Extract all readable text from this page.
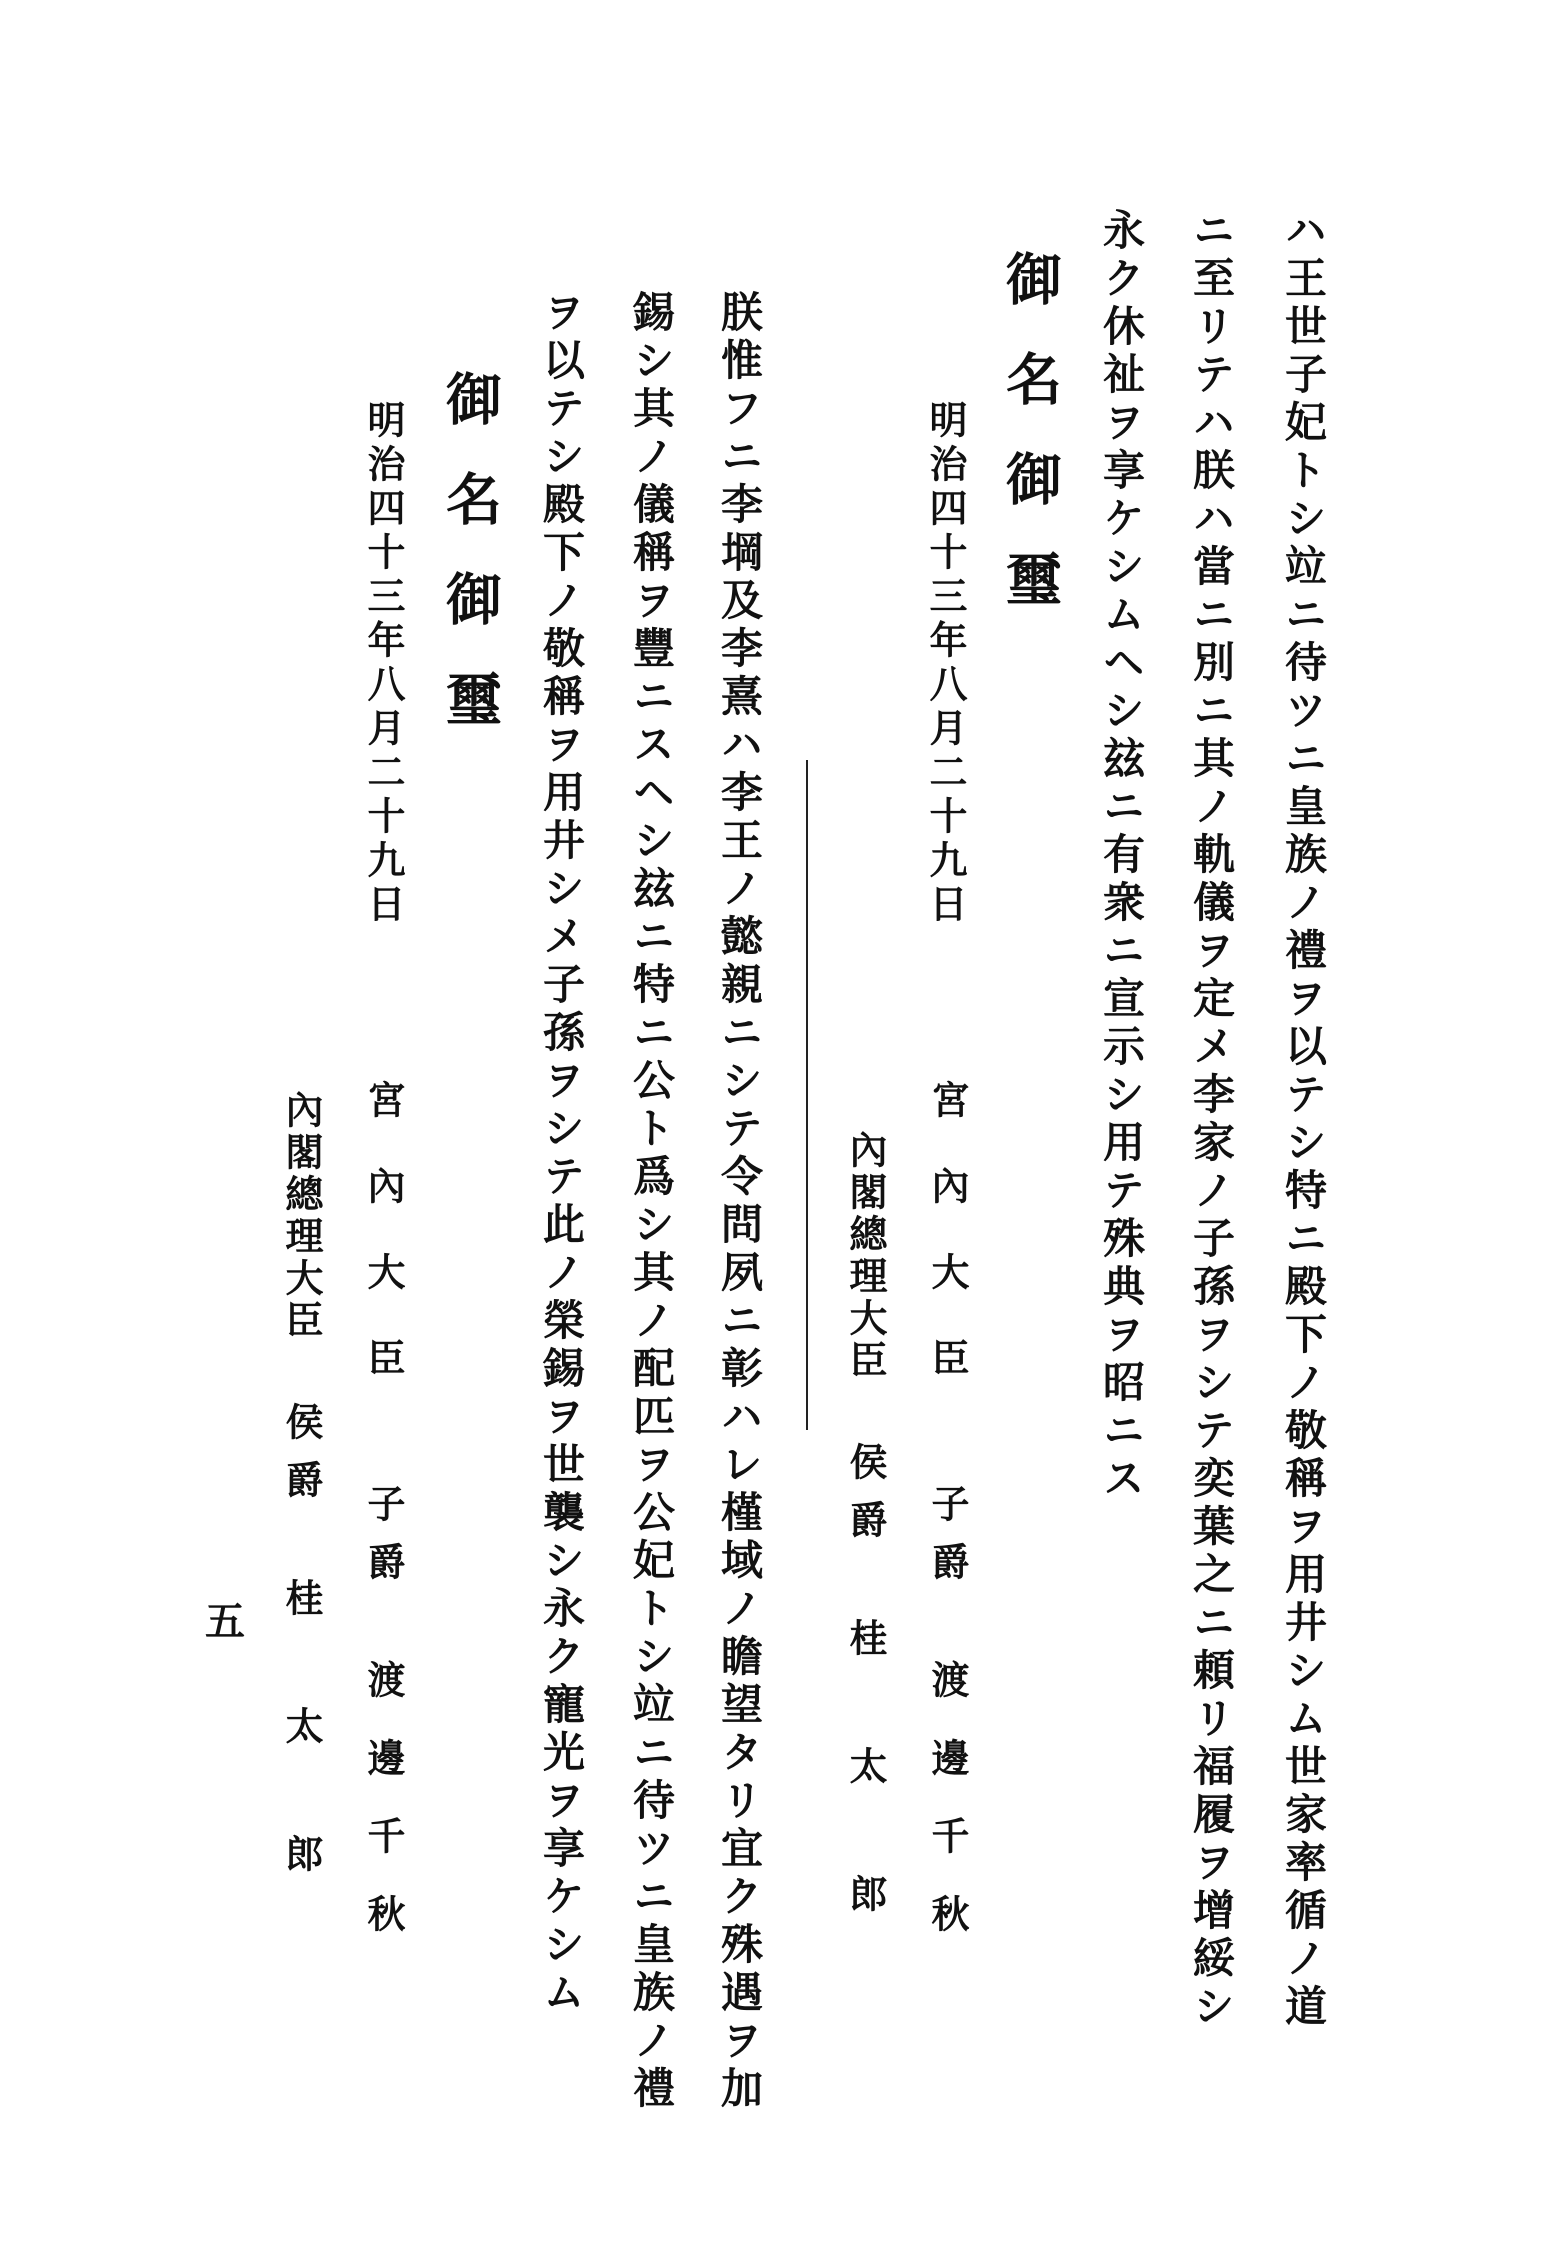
ハ王世子妃トシ竝ニ待ツニ皇族ノ禮ヲ以テシ特ニ殿下ノ敬稱ヲ用井シム世家率循ノ道
ニ至リテハ朕ハ當ニ別ニ其ノ軌儀ヲ定メ李家ノ子孫ヲシテ奕葉之ニ頼リ福履ヲ增綏シ
永ク休祉ヲ享ケシムヘシ玆ニ有衆ニ宣示シ用テ殊典ヲ昭ニス
御名御璽
明治四十三年八月二十九日
宮內大臣子爵渡邊千秋
內閣總理大臣侯爵桂太郎
朕惟フニ李堈及李熹ハ李王ノ懿親ニシテ令問夙ニ彰ハレ槿域ノ瞻望タリ宜ク殊遇ヲ加
錫シ其ノ儀稱ヲ豐ニスヘシ玆ニ特ニ公ト爲シ其ノ配匹ヲ公妃トシ竝ニ待ツニ皇族ノ禮
ヲ以テシ殿下ノ敬稱ヲ用井シメ子孫ヲシテ此ノ榮錫ヲ世襲シ永ク寵光ヲ享ケシム
御名御璽
明治四十三年八月二十九日
宮內大臣子爵渡邊千秋
內閣總理大臣侯爵桂太郎
五
